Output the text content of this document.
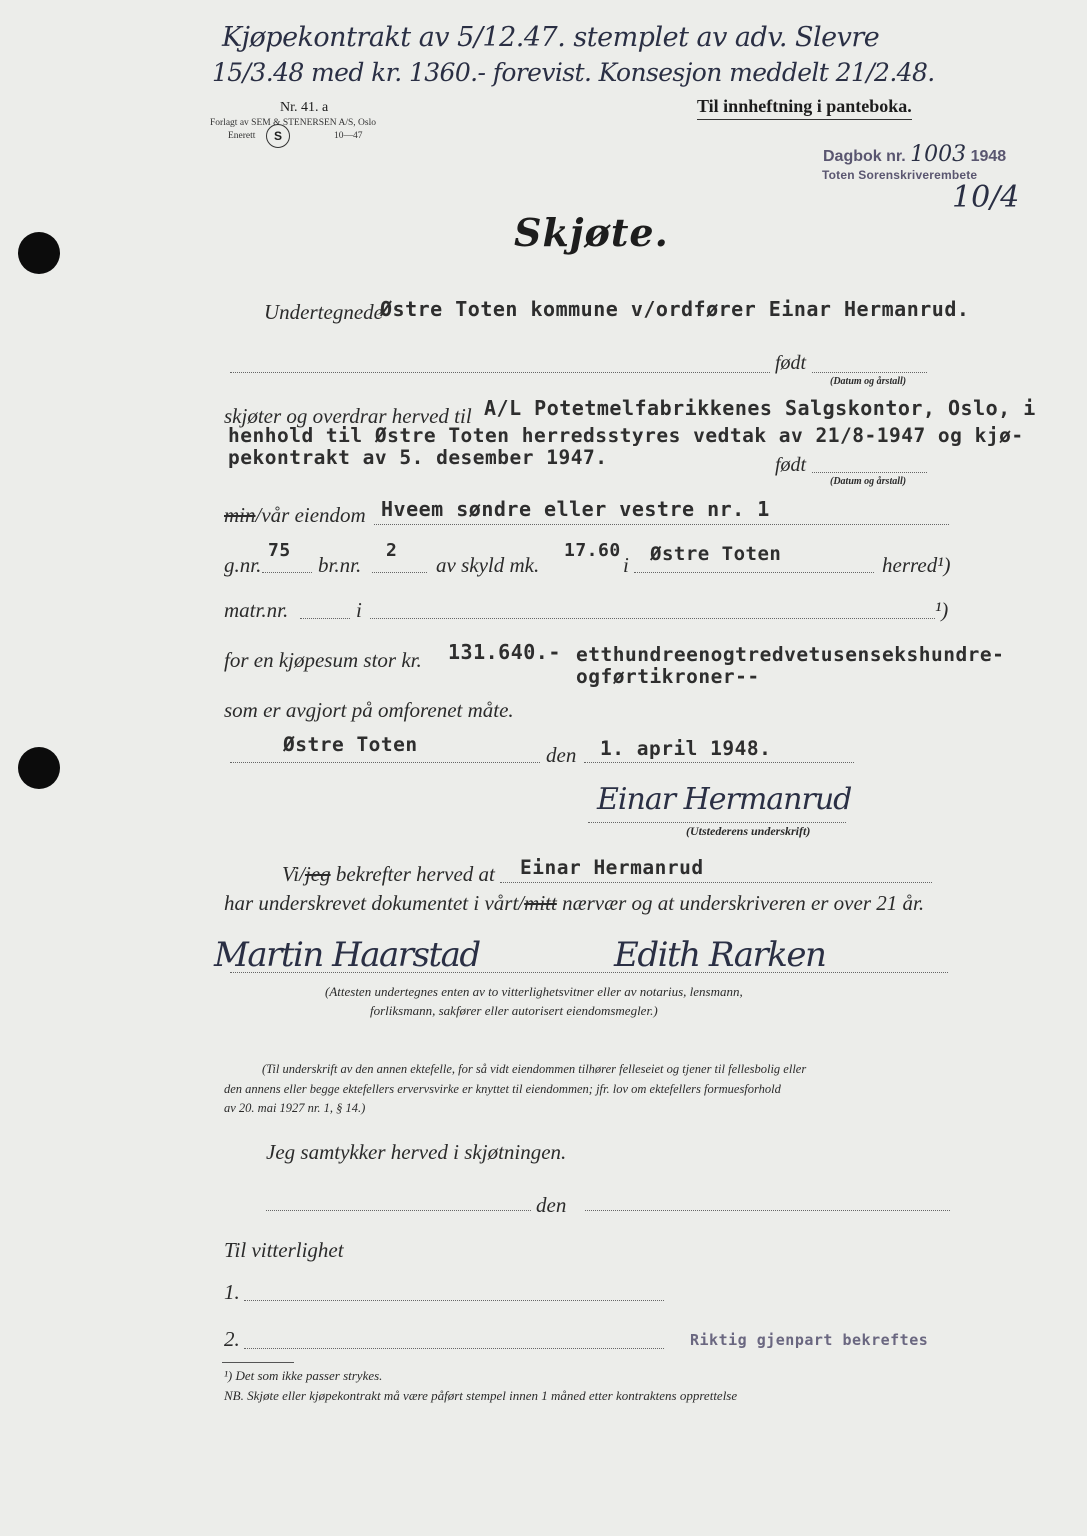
Kjøpekontrakt av 5/12.47. stemplet av adv. Slevre
15/3.48 med kr. 1360.- forevist. Konsesjon meddelt 21/2.48.
Nr. 41. a
Forlagt av SEM & STENERSEN A/S, Oslo
Enerett	S	10—47
Til innheftning i panteboka.
Dagbok nr. 1003 1948
Toten Sorenskriverembete
10/4
Skjøte.
Undertegnede
Østre Toten kommune v/ordfører Einar Hermanrud.
født
(Datum og årstall)
skjøter og overdrar herved til A/L Potetmelfabrikkenes Salgskontor, Oslo, i
henhold til Østre Toten herredsstyres vedtak av 21/8-1947 og kjø-
pekontrakt av 5. desember 1947.	født
(Datum og årstall)
min/vår eiendom Hveem søndre eller vestre nr. 1
g.nr.
75
br.nr.
2
av skyld mk.
17.60
i Østre Toten	herred¹)
matr.nr.	i	¹)
for en kjøpesum stor kr. 131.640.- etthundreenogtredvetusensekshundre-
ogførtikroner--
som er avgjort på omforenet måte.
Østre Toten	den 1. april 1948.
Einar Hermanrud
(Utstederens underskrift)
Vi/jeg bekrefter herved at Einar Hermanrud
har underskrevet dokumentet i vårt/mitt nærvær og at underskriveren er over 21 år.
Martin Haarstad	Edith Rarken
(Attesten undertegnes enten av to vitterlighetsvitner eller av notarius, lensmann,
forliksmann, sakfører eller autorisert eiendomsmegler.)
(Til underskrift av den annen ektefelle, for så vidt eiendommen tilhører felleseiet og tjener til fellesbolig eller
den annens eller begge ektefellers ervervsvirke er knyttet til eiendommen; jfr. lov om ektefellers formuesforhold
av 20. mai 1927 nr. 1, § 14.)
Jeg samtykker herved i skjøtningen.
den
Til vitterlighet
1.
2.	Riktig gjenpart bekreftes
¹) Det som ikke passer strykes.
NB. Skjøte eller kjøpekontrakt må være påført stempel innen 1 måned etter kontraktens opprettelse
